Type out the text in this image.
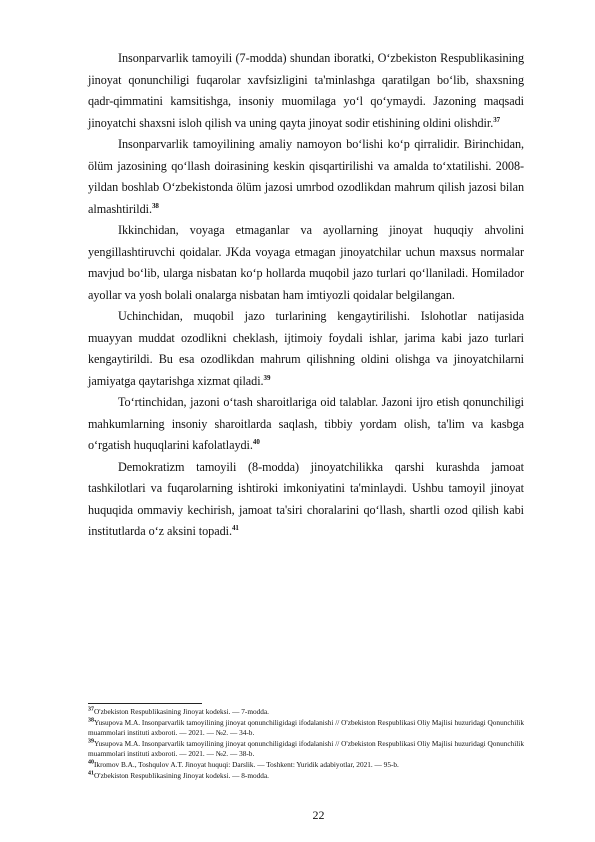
Insonparvarlik tamoyili (7-modda) shundan iboratki, O‘zbekiston Respublikasining jinoyat qonunchiligi fuqarolar xavfsizligini ta'minlashga qaratilgan bo‘lib, shaxsning qadr-qimmatini kamsitishga, insoniy muomilaga yo‘l qo‘ymaydi. Jazoning maqsadi jinoyatchi shaxsni isloh qilish va uning qayta jinoyat sodir etishining oldini olishdir.$^{37}$

Insonparvarlik tamoyilining amaliy namoyon bo‘lishi ko‘p qirralidir. Birinchidan, ölüm jazosining qo‘llash doirasining keskin qisqartirilishi va amalda to‘xtatilishi. 2008-yildan boshlab O‘zbekistonda ölüm jazosi umrbod ozodlikdan mahrum qilish jazosi bilan almashtirildi.$^{38}$

Ikkinchidan, voyaga etmaganlar va ayollarning jinoyat huquqiy ahvolini yengillashtiruvchi qoidalar. JKda voyaga etmagan jinoyatchilar uchun maxsus normalar mavjud bo‘lib, ularga nisbatan ko‘p hollarda muqobil jazo turlari qo‘llaniladi. Homilador ayollar va yosh bolali onalarga nisbatan ham imtiyozli qoidalar belgilangan.

Uchinchidan, muqobil jazo turlarining kengaytirilishi. Islohotlar natijasida muayyan muddat ozodlikni cheklash, ijtimoiy foydali ishlar, jarima kabi jazo turlari kengaytirildi. Bu esa ozodlikdan mahrum qilishning oldini olishga va jinoyatchilarni jamiyatga qaytarishga xizmat qiladi.$^{39}$

To‘rtinchidan, jazoni o‘tash sharoitlariga oid talablar. Jazoni ijro etish qonunchiligi mahkumlarning insoniy sharoitlarda saqlash, tibbiy yordam olish, ta'lim va kasbga o‘rgatish huquqlarini kafolatlaydi.$^{40}$

Demokratizm tamoyili (8-modda) jinoyatchilikka qarshi kurashda jamoat tashkilotlari va fuqarolarning ishtiroki imkoniyatini ta'minlaydi. Ushbu tamoyil jinoyat huquqida ommaviy kechirish, jamoat ta'siri choralarini qo‘llash, shartli ozod qilish kabi institutlarda o‘z aksini topadi.$^{41}$

$^{37}$O'zbekiston Respublikasining Jinoyat kodeksi. — 7-modda.

$^{38}$Yusupova M.A. Insonparvarlik tamoyilining jinoyat qonunchiligidagi ifodalanishi // O'zbekiston Respublikasi Oliy Majlisi huzuridagi Qonunchilik muammolari instituti axboroti. — 2021. — №2. — 34-b.

$^{39}$Yusupova M.A. Insonparvarlik tamoyilining jinoyat qonunchiligidagi ifodalanishi // O'zbekiston Respublikasi Oliy Majlisi huzuridagi Qonunchilik muammolari instituti axboroti. — 2021. — №2. — 38-b.

$^{40}$Ikromov B.A., Toshqulov A.T. Jinoyat huquqi: Darslik. — Toshkent: Yuridik adabiyotlar, 2021. — 95-b.

$^{41}$O'zbekiston Respublikasining Jinoyat kodeksi. — 8-modda.

22
